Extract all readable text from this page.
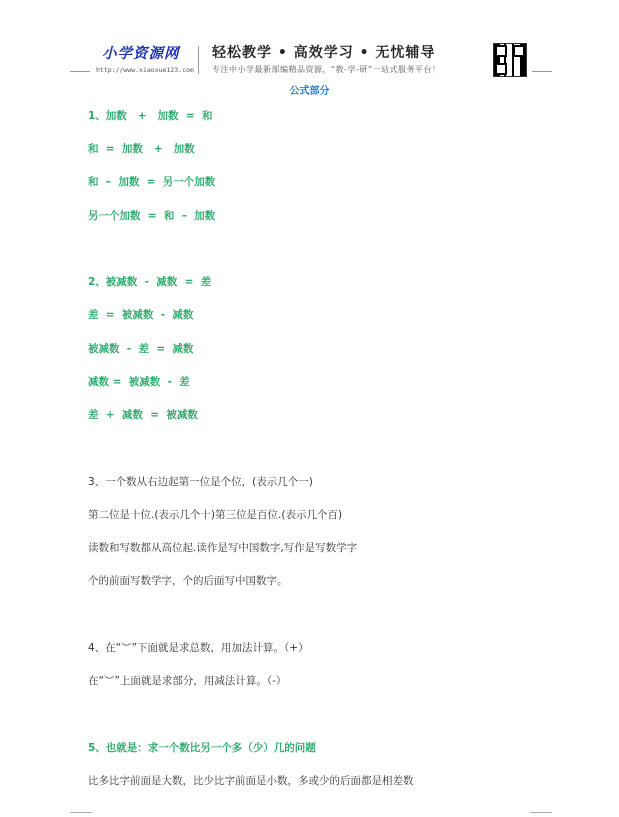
小学资源网
http://www.xiaoxue123.com
轻松教学 • 高效学习 • 无忧辅导
专注中小学最新部编精品资源，“教-学-研”一站式服务平台！
公式部分
1、加数   +   加数  =  和
和  =  加数   +   加数
和  –  加数  =  另一个加数
另一个加数  =  和  –  加数
2、被减数  -  减数  =  差
差  =  被减数  -  减数
被减数  -  差  =  减数
减数 =  被减数  -  差
差  +  减数  =  被减数
3、一个数从右边起第一位是个位，(表示几个一)
第二位是十位.(表示几个十)第三位是百位.(表示几个百)
读数和写数都从高位起.读作是写中国数字,写作是写数学字
个的前面写数学字，个的后面写中国数字。
4、在“︶”下面就是求总数，用加法计算。（+）
在“︶”上面就是求部分，用减法计算。（-）
5、也就是：求一个数比另一个多（少）几的问题
比多比字前面是大数，比少比字前面是小数，多或少的后面都是相差数
